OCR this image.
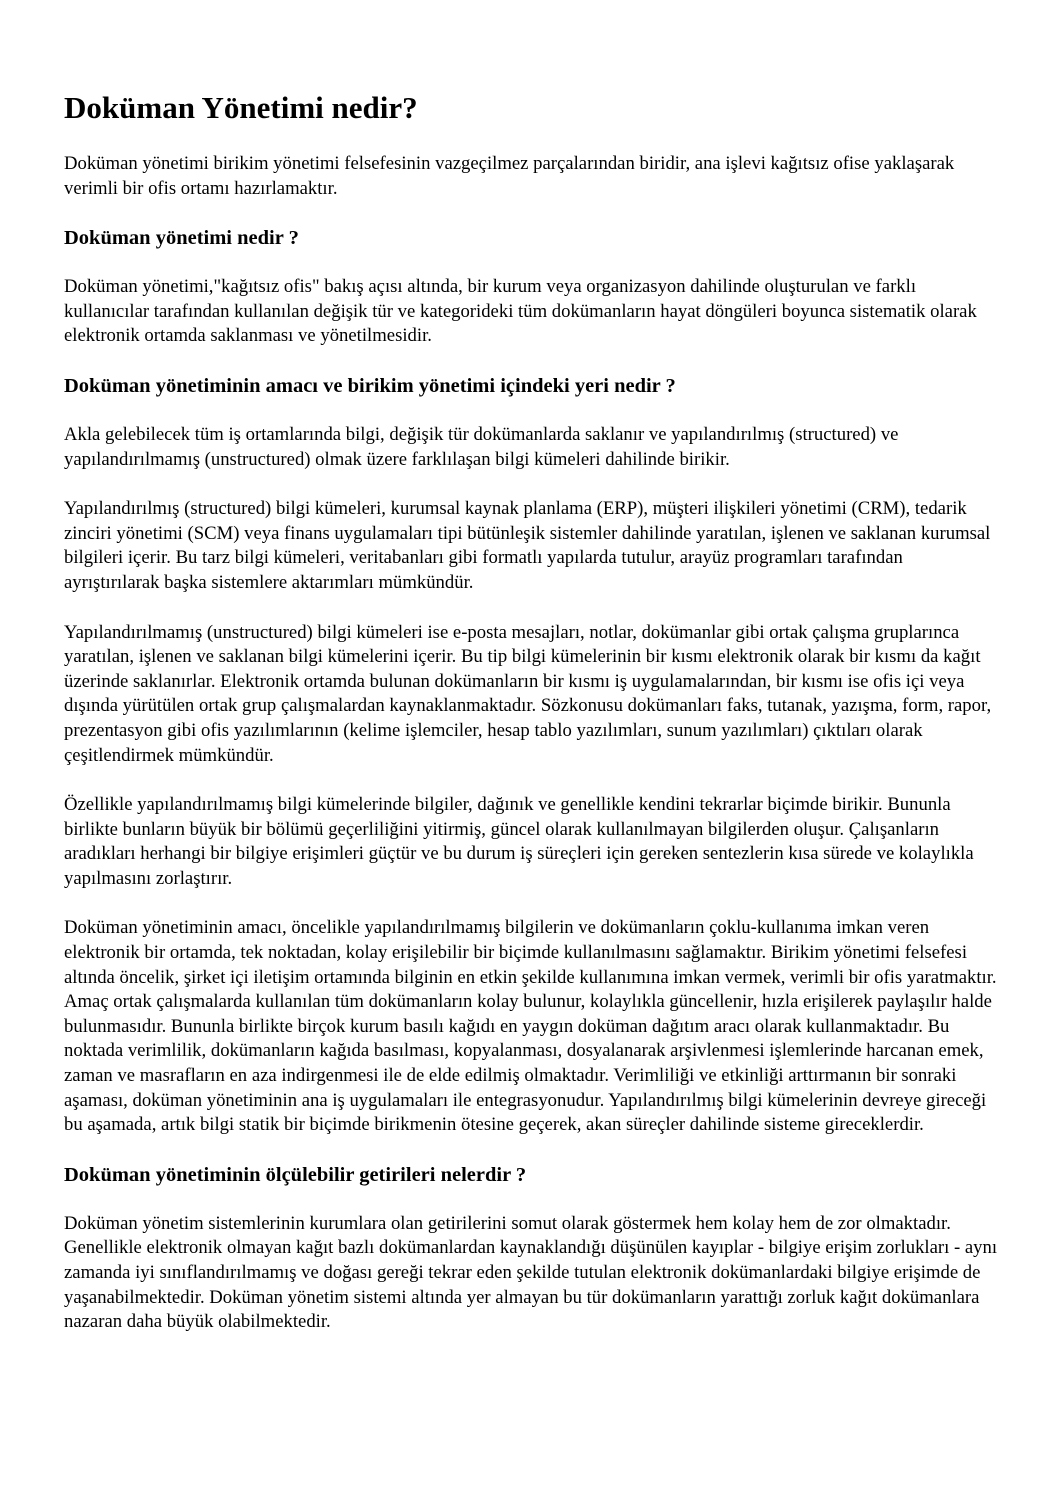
Doküman Yönetimi nedir?

Doküman yönetimi birikim yönetimi felsefesinin vazgeçilmez parçalarından biridir, ana işlevi kağıtsız ofise yaklaşarak verimli bir ofis ortamı hazırlamaktır.

Doküman yönetimi nedir ?

Doküman yönetimi,"kağıtsız ofis" bakış açısı altında, bir kurum veya organizasyon dahilinde oluşturulan ve farklı kullanıcılar tarafından kullanılan değişik tür ve kategorideki tüm dokümanların hayat döngüleri boyunca sistematik olarak elektronik ortamda saklanması ve yönetilmesidir.

Doküman yönetiminin amacı ve birikim yönetimi içindeki yeri nedir ?

Akla gelebilecek tüm iş ortamlarında bilgi, değişik tür dokümanlarda saklanır ve yapılandırılmış (structured) ve yapılandırılmamış (unstructured) olmak üzere farklılaşan bilgi kümeleri dahilinde birikir.

Yapılandırılmış (structured) bilgi kümeleri, kurumsal kaynak planlama (ERP), müşteri ilişkileri yönetimi (CRM), tedarik zinciri yönetimi (SCM) veya finans uygulamaları tipi bütünleşik sistemler dahilinde yaratılan, işlenen ve saklanan kurumsal bilgileri içerir. Bu tarz bilgi kümeleri, veritabanları gibi formatlı yapılarda tutulur, arayüz programları tarafından ayrıştırılarak başka sistemlere aktarımları mümkündür.

Yapılandırılmamış (unstructured) bilgi kümeleri ise e-posta mesajları, notlar, dokümanlar gibi ortak çalışma gruplarınca yaratılan, işlenen ve saklanan bilgi kümelerini içerir. Bu tip bilgi kümelerinin bir kısmı elektronik olarak bir kısmı da kağıt üzerinde saklanırlar. Elektronik ortamda bulunan dokümanların bir kısmı iş uygulamalarından, bir kısmı ise ofis içi veya dışında yürütülen ortak grup çalışmalardan kaynaklanmaktadır. Sözkonusu dokümanları faks, tutanak, yazışma, form, rapor, prezentasyon gibi ofis yazılımlarının (kelime işlemciler, hesap tablo yazılımları, sunum yazılımları) çıktıları olarak çeşitlendirmek mümkündür.

Özellikle yapılandırılmamış bilgi kümelerinde bilgiler, dağınık ve genellikle kendini tekrarlar biçimde birikir. Bununla birlikte bunların büyük bir bölümü geçerliliğini yitirmiş, güncel olarak kullanılmayan bilgilerden oluşur. Çalışanların aradıkları herhangi bir bilgiye erişimleri güçtür ve bu durum iş süreçleri için gereken sentezlerin kısa sürede ve kolaylıkla yapılmasını zorlaştırır.

Doküman yönetiminin amacı, öncelikle yapılandırılmamış bilgilerin ve dokümanların çoklu-kullanıma imkan veren elektronik bir ortamda, tek noktadan, kolay erişilebilir bir biçimde kullanılmasını sağlamaktır. Birikim yönetimi felsefesi altında öncelik, şirket içi iletişim ortamında bilginin en etkin şekilde kullanımına imkan vermek, verimli bir ofis yaratmaktır. Amaç ortak çalışmalarda kullanılan tüm dokümanların kolay bulunur, kolaylıkla güncellenir, hızla erişilerek paylaşılır halde bulunmasıdır. Bununla birlikte birçok kurum basılı kağıdı en yaygın doküman dağıtım aracı olarak kullanmaktadır. Bu noktada verimlilik, dokümanların kağıda basılması, kopyalanması, dosyalanarak arşivlenmesi işlemlerinde harcanan emek, zaman ve masrafların en aza indirgenmesi ile de elde edilmiş olmaktadır. Verimliliği ve etkinliği arttırmanın bir sonraki aşaması, doküman yönetiminin ana iş uygulamaları ile entegrasyonudur. Yapılandırılmış bilgi kümelerinin devreye gireceği bu aşamada, artık bilgi statik bir biçimde birikmenin ötesine geçerek, akan süreçler dahilinde sisteme gireceklerdir.

Doküman yönetiminin ölçülebilir getirileri nelerdir ?

Doküman yönetim sistemlerinin kurumlara olan getirilerini somut olarak göstermek hem kolay hem de zor olmaktadır. Genellikle elektronik olmayan kağıt bazlı dokümanlardan kaynaklandığı düşünülen kayıplar - bilgiye erişim zorlukları - aynı zamanda iyi sınıflandırılmamış ve doğası gereği tekrar eden şekilde tutulan elektronik dokümanlardaki bilgiye erişimde de yaşanabilmektedir. Doküman yönetim sistemi altında yer almayan bu tür dokümanların yarattığı zorluk kağıt dokümanlara nazaran daha büyük olabilmektedir.
